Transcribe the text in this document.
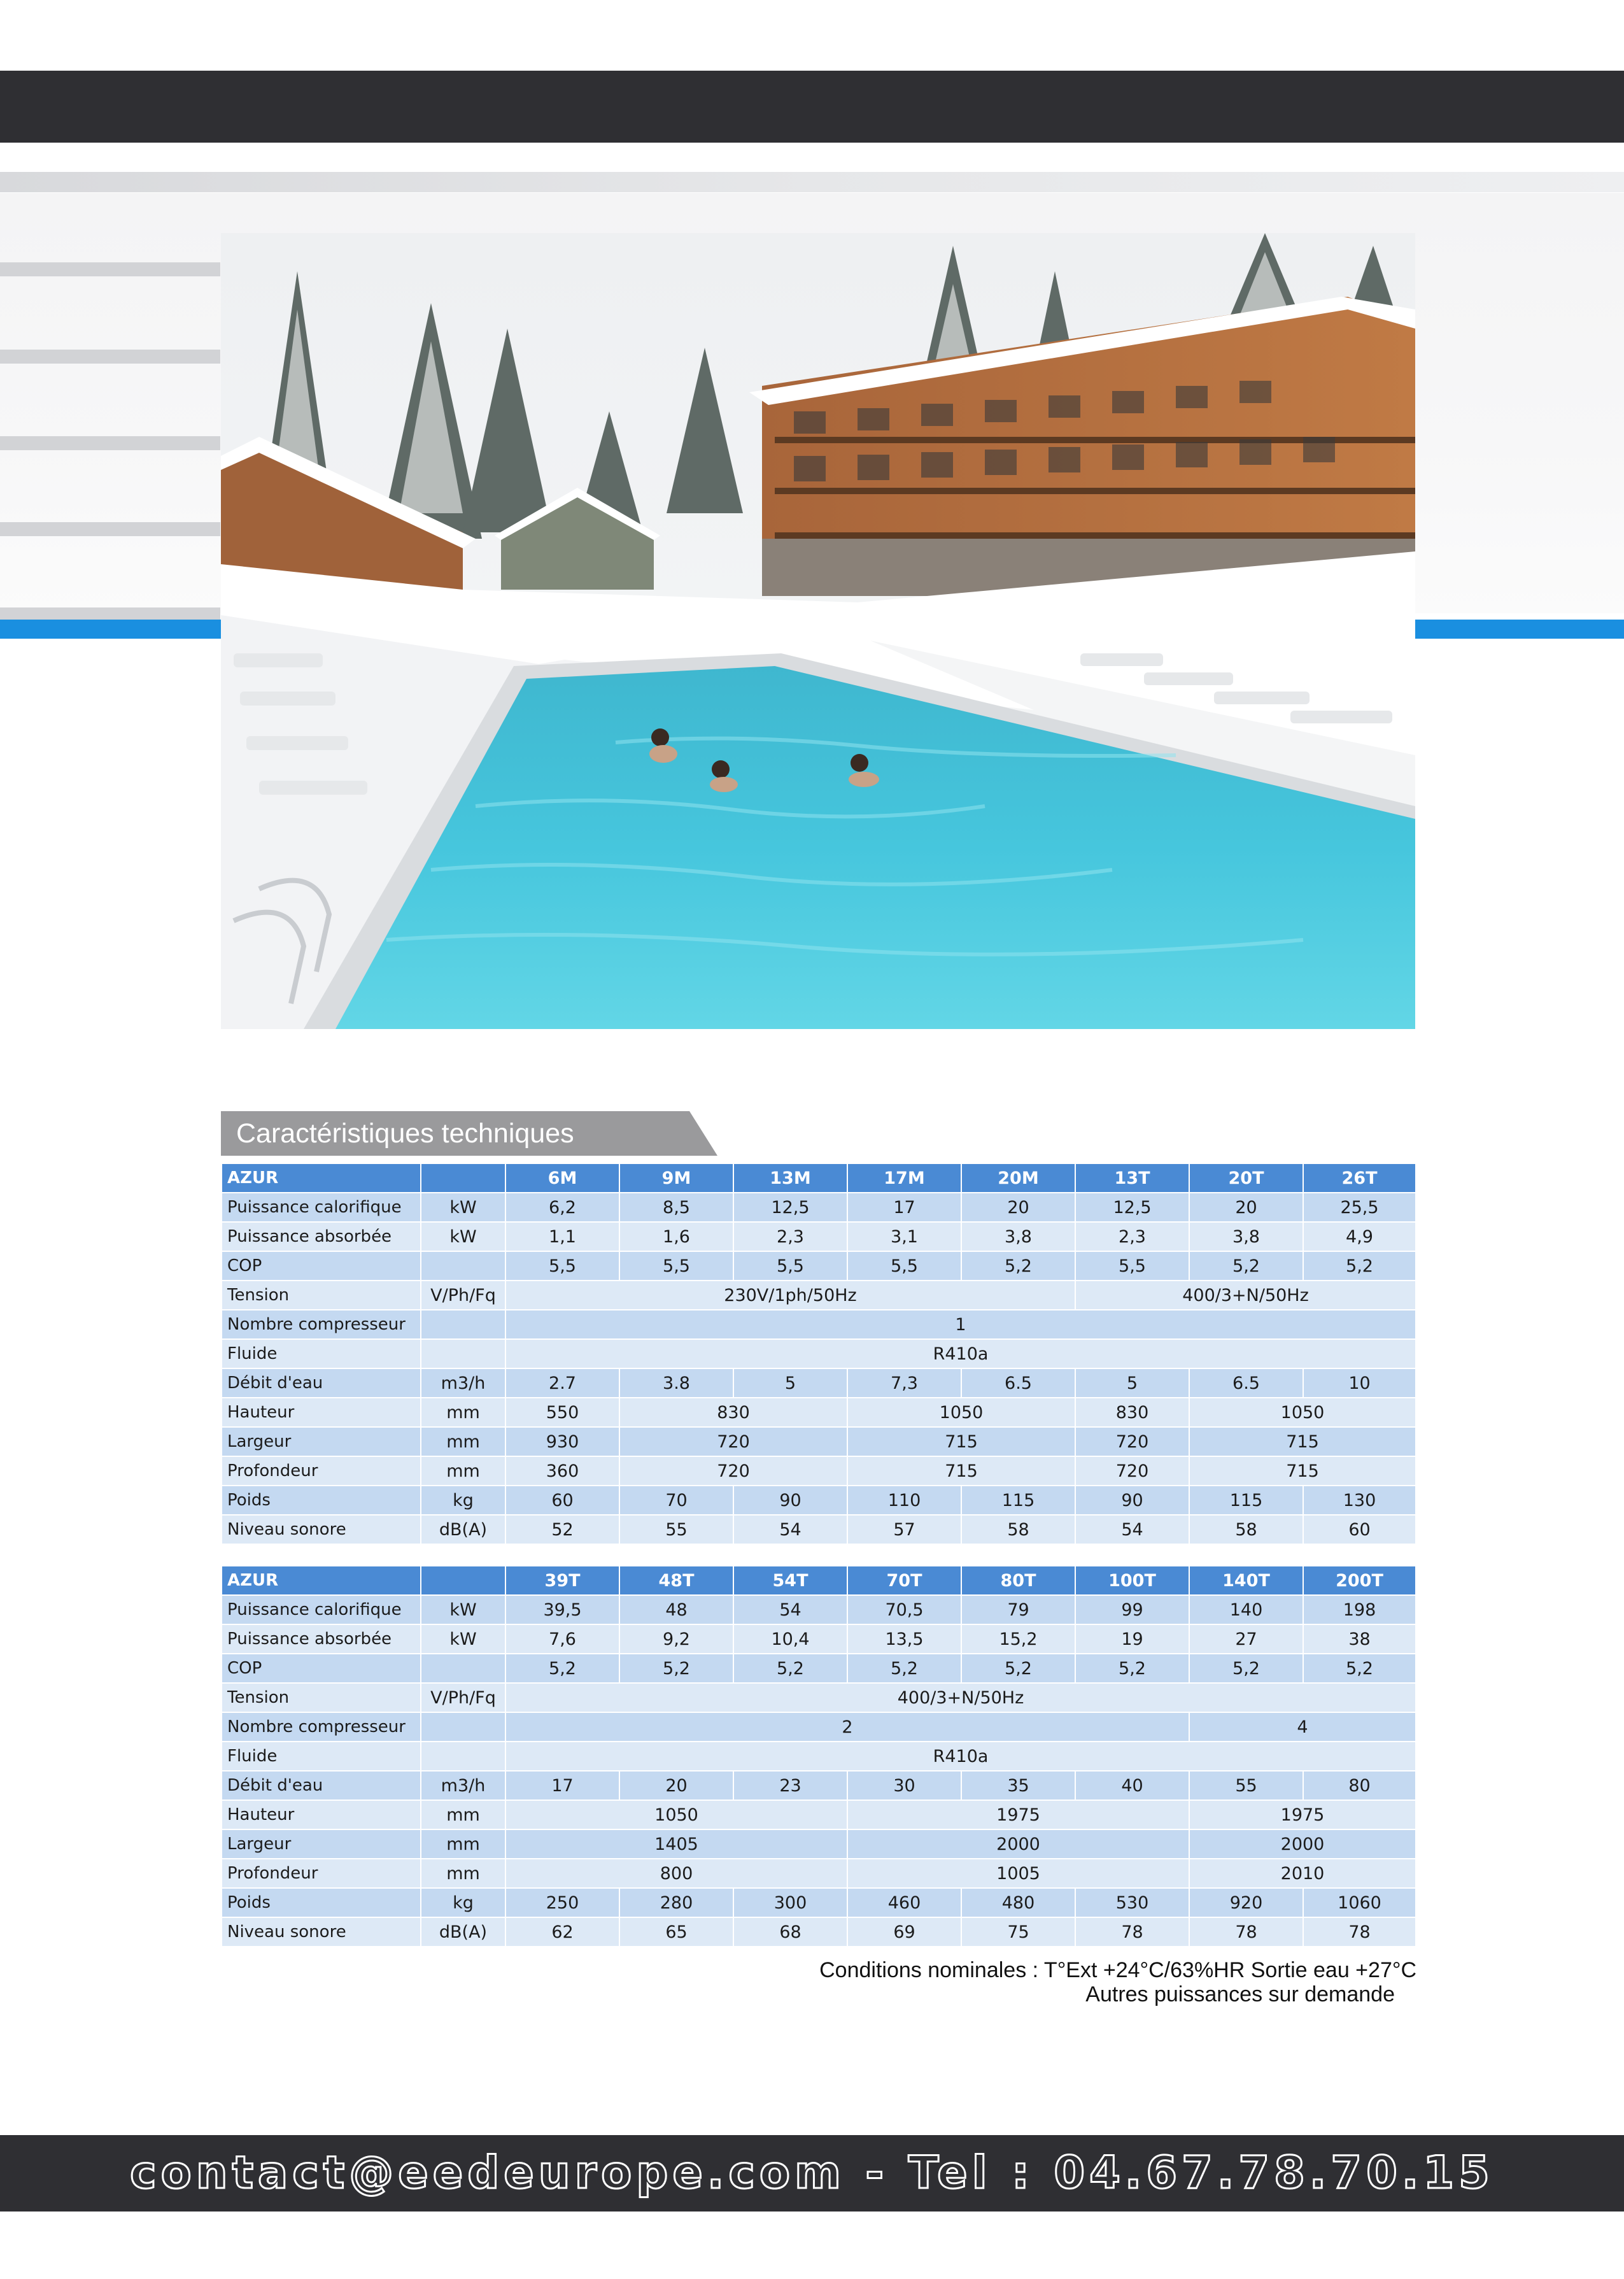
Caractéristiques techniques
AZUR		6M	9M	13M	17M	20M	13T	20T	26T
Puissance calorifique	kW	6,2	8,5	12,5	17	20	12,5	20	25,5
Puissance absorbée	kW	1,1	1,6	2,3	3,1	3,8	2,3	3,8	4,9
COP		5,5	5,5	5,5	5,5	5,2	5,5	5,2	5,2
Tension	V/Ph/Fq	230V/1ph/50Hz					400/3+N/50Hz		
Nombre compresseur		1							
Fluide		R410a							
Débit d'eau	m3/h	2.7	3.8	5	7,3	6.5	5	6.5	10
Hauteur	mm	550	830		1050		830	1050	
Largeur	mm	930	720		715		720	715	
Profondeur	mm	360	720		715		720	715	
Poids	kg	60	70	90	110	115	90	115	130
Niveau sonore	dB(A)	52	55	54	57	58	54	58	60
AZUR		39T	48T	54T	70T	80T	100T	140T	200T
Puissance calorifique	kW	39,5	48	54	70,5	79	99	140	198
Puissance absorbée	kW	7,6	9,2	10,4	13,5	15,2	19	27	38
COP		5,2	5,2	5,2	5,2	5,2	5,2	5,2	5,2
Tension	V/Ph/Fq	400/3+N/50Hz							
Nombre compresseur		2						4	
Fluide		R410a							
Débit d'eau	m3/h	17	20	23	30	35	40	55	80
Hauteur	mm	1050			1975			1975	
Largeur	mm	1405			2000			2000	
Profondeur	mm	800			1005			2010	
Poids	kg	250	280	300	460	480	530	920	1060
Niveau sonore	dB(A)	62	65	68	69	75	78	78	78
Conditions nominales : T°Ext +24°C/63%HR Sortie eau +27°C
Autres puissances sur demande
contact@eedeurope.com - Tel : 04.67.78.70.15
